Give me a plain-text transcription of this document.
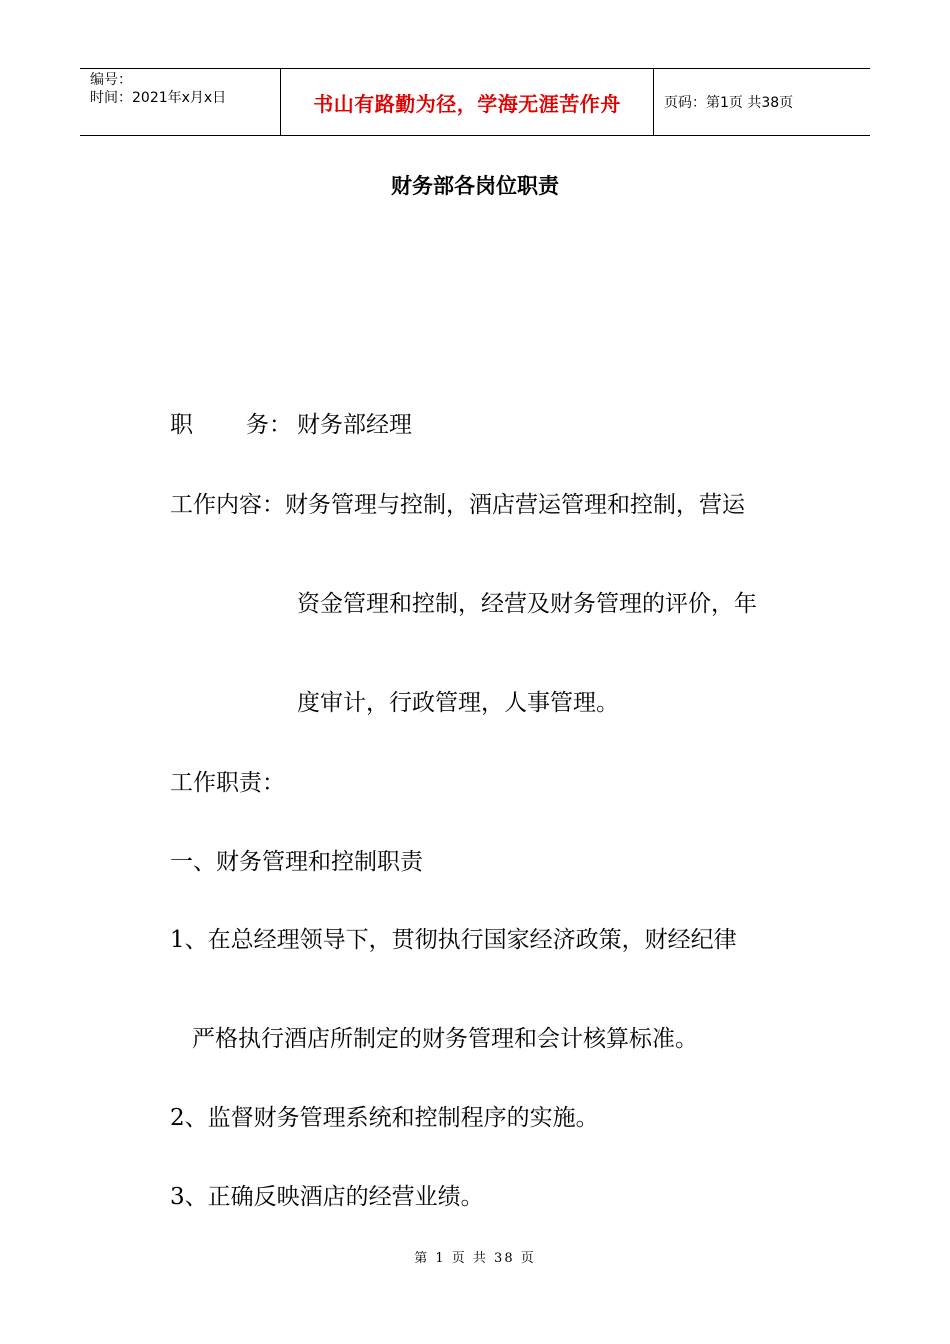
编号：
时间：2021年x月x日	书山有路勤为径，学海无涯苦作舟	页码：第1页 共38页
财务部各岗位职责
职 务： 财务部经理
工作内容：财务管理与控制，酒店营运管理和控制，营运
资金管理和控制，经营及财务管理的评价，年
度审计，行政管理，人事管理。
工作职责：
一、财务管理和控制职责
1、在总经理领导下，贯彻执行国家经济政策，财经纪律
严格执行酒店所制定的财务管理和会计核算标准。
2、监督财务管理系统和控制程序的实施。
3、正确反映酒店的经营业绩。
第 1 页 共 38 页
